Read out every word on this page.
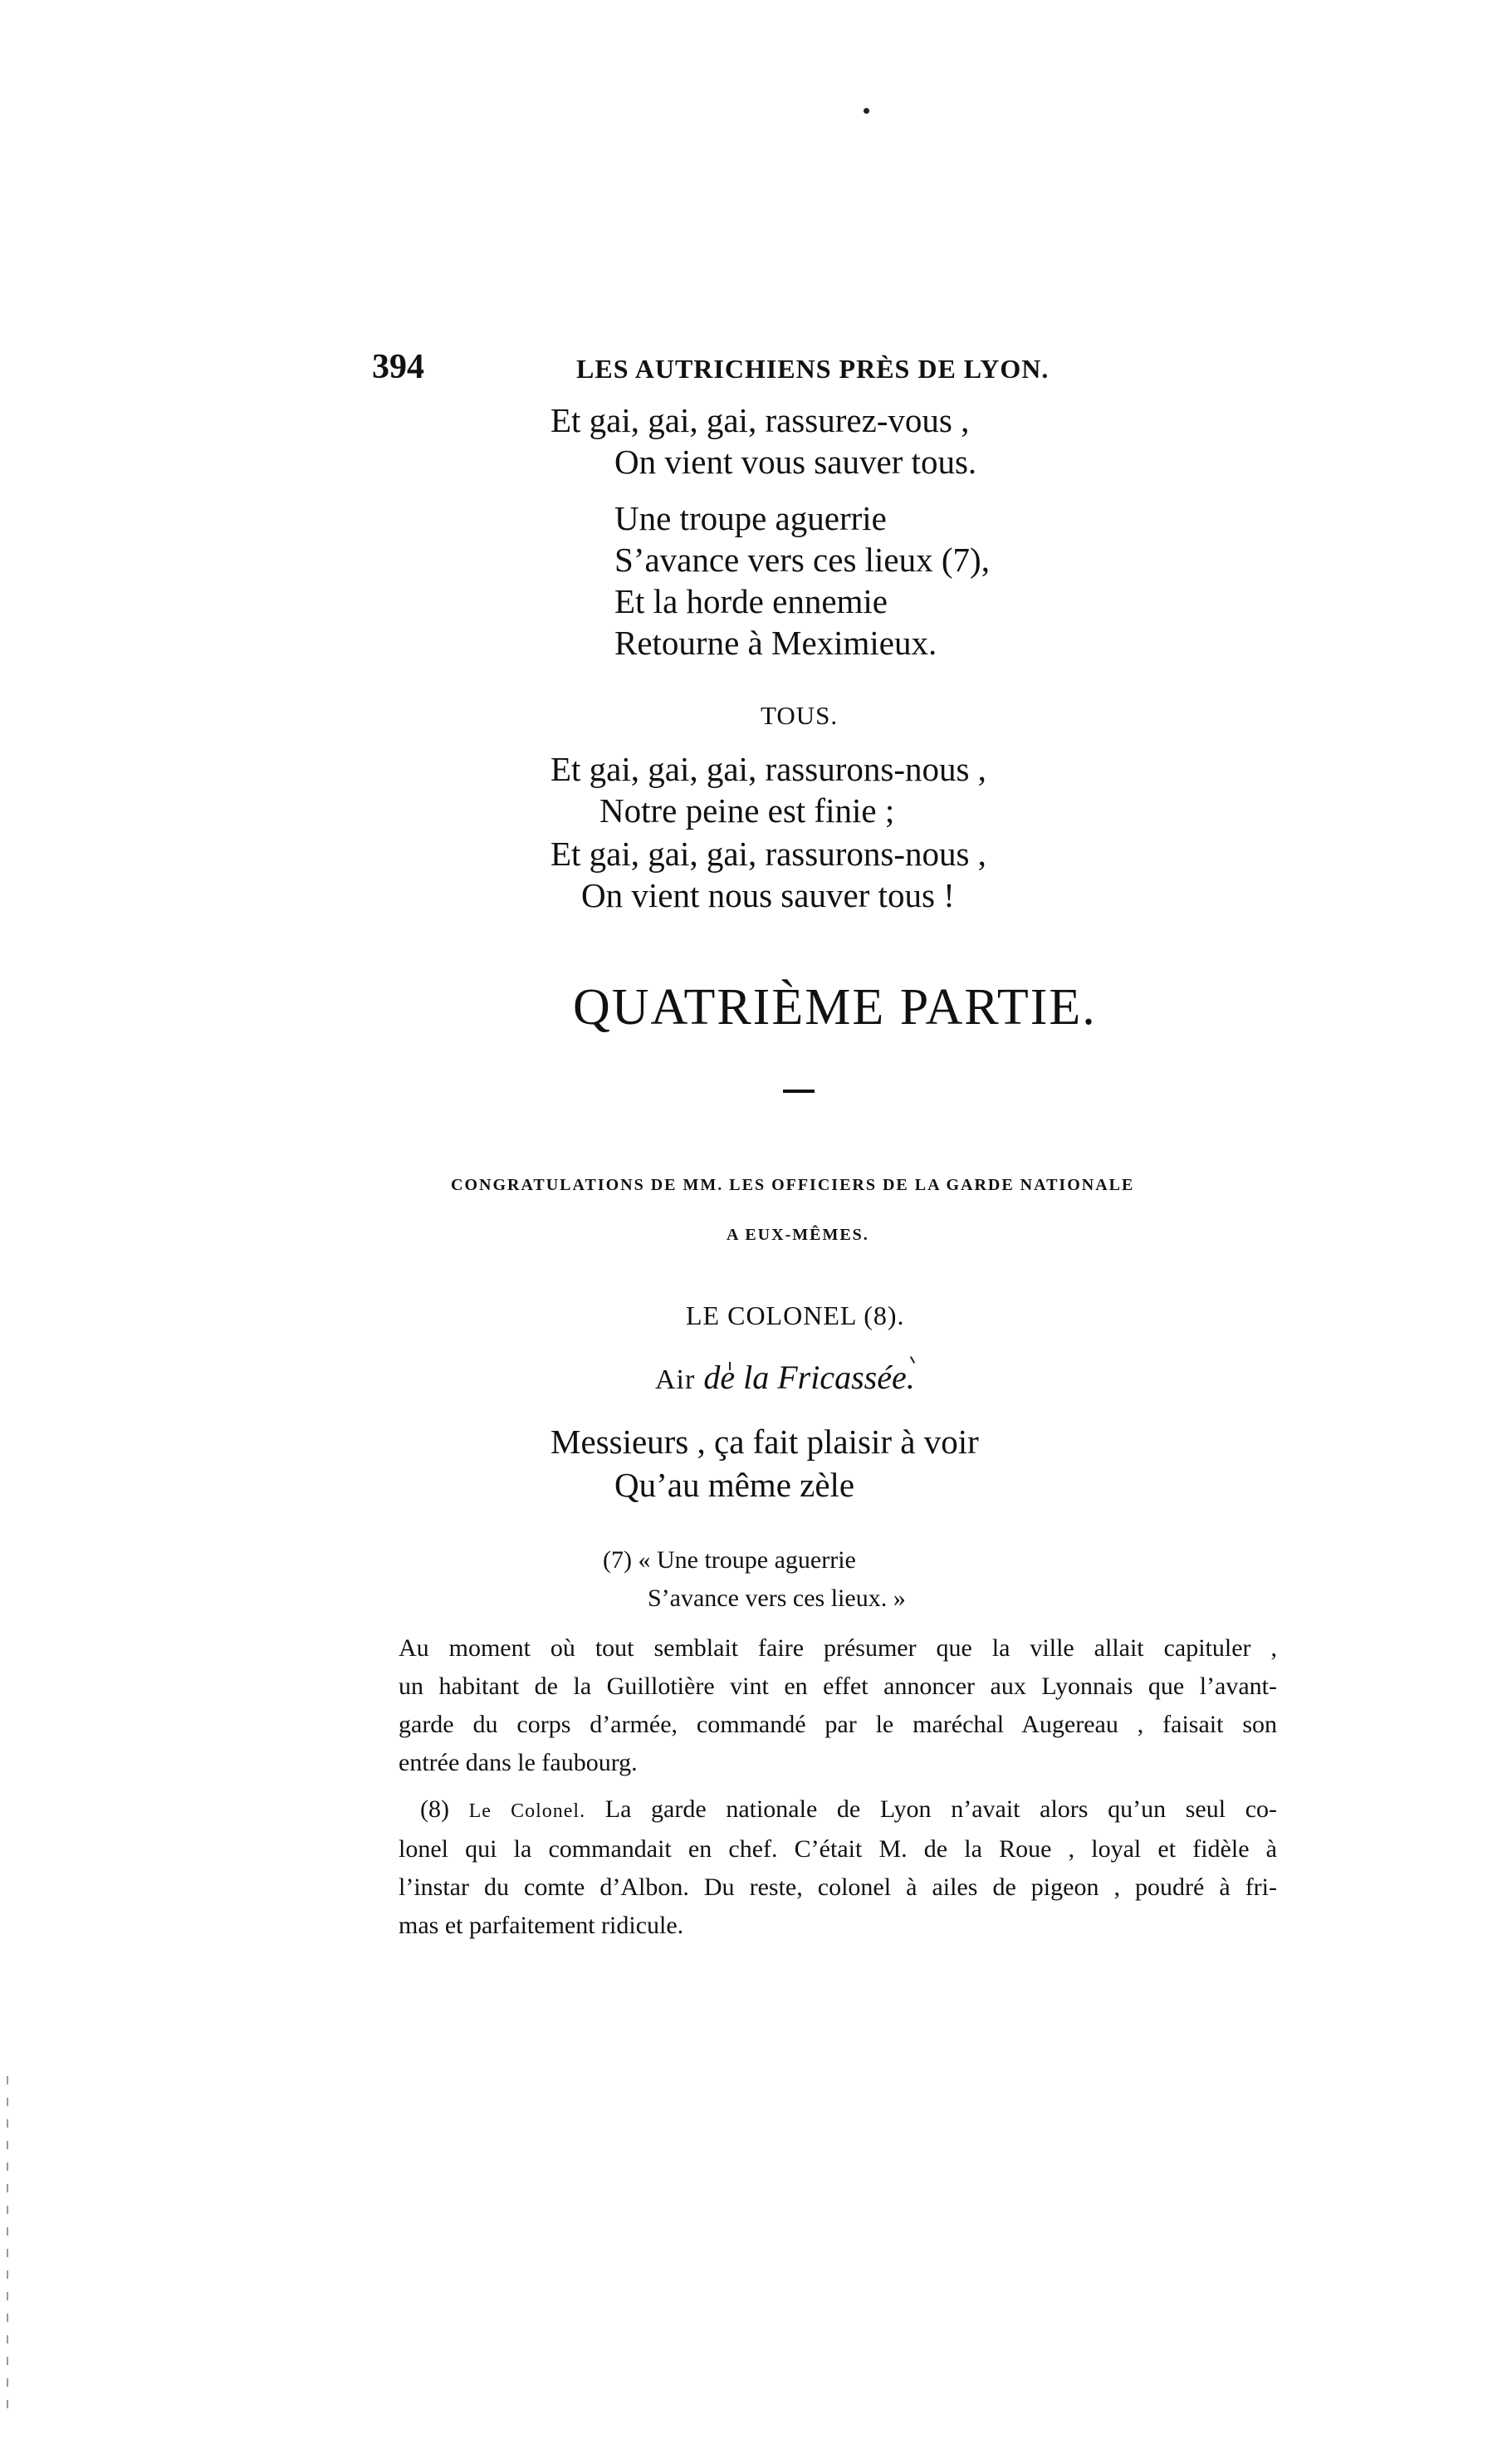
394	LES AUTRICHIENS PRÈS DE LYON.
Et gai, gai, gai, rassurez-vous ,
On vient vous sauver tous.
Une troupe aguerrie
S’avance vers ces lieux (7),
Et la horde ennemie
Retourne à Meximieux.
TOUS.
Et gai, gai, gai, rassurons-nous ,
Notre peine est finie ;
Et gai, gai, gai, rassurons-nous ,
On vient nous sauver tous !
QUATRIÈME PARTIE.
CONGRATULATIONS DE MM. LES OFFICIERS DE LA GARDE NATIONALE
A EUX-MÊMES.
LE COLONEL (8).
Air de la Fricassée.
Messieurs , ça fait plaisir à voir
Qu’au même zèle
(7) « Une troupe aguerrie
S’avance vers ces lieux. »
Au moment où tout semblait faire présumer que la ville allait capituler ,
un habitant de la Guillotière vint en effet annoncer aux Lyonnais que l’avant-
garde du corps d’armée, commandé par le maréchal Augereau , faisait son
entrée dans le faubourg.
(8) Le Colonel. La garde nationale de Lyon n’avait alors qu’un seul co-
lonel qui la commandait en chef. C’était M. de la Roue , loyal et fidèle à
l’instar du comte d’Albon. Du reste, colonel à ailes de pigeon , poudré à fri-
mas et parfaitement ridicule.
